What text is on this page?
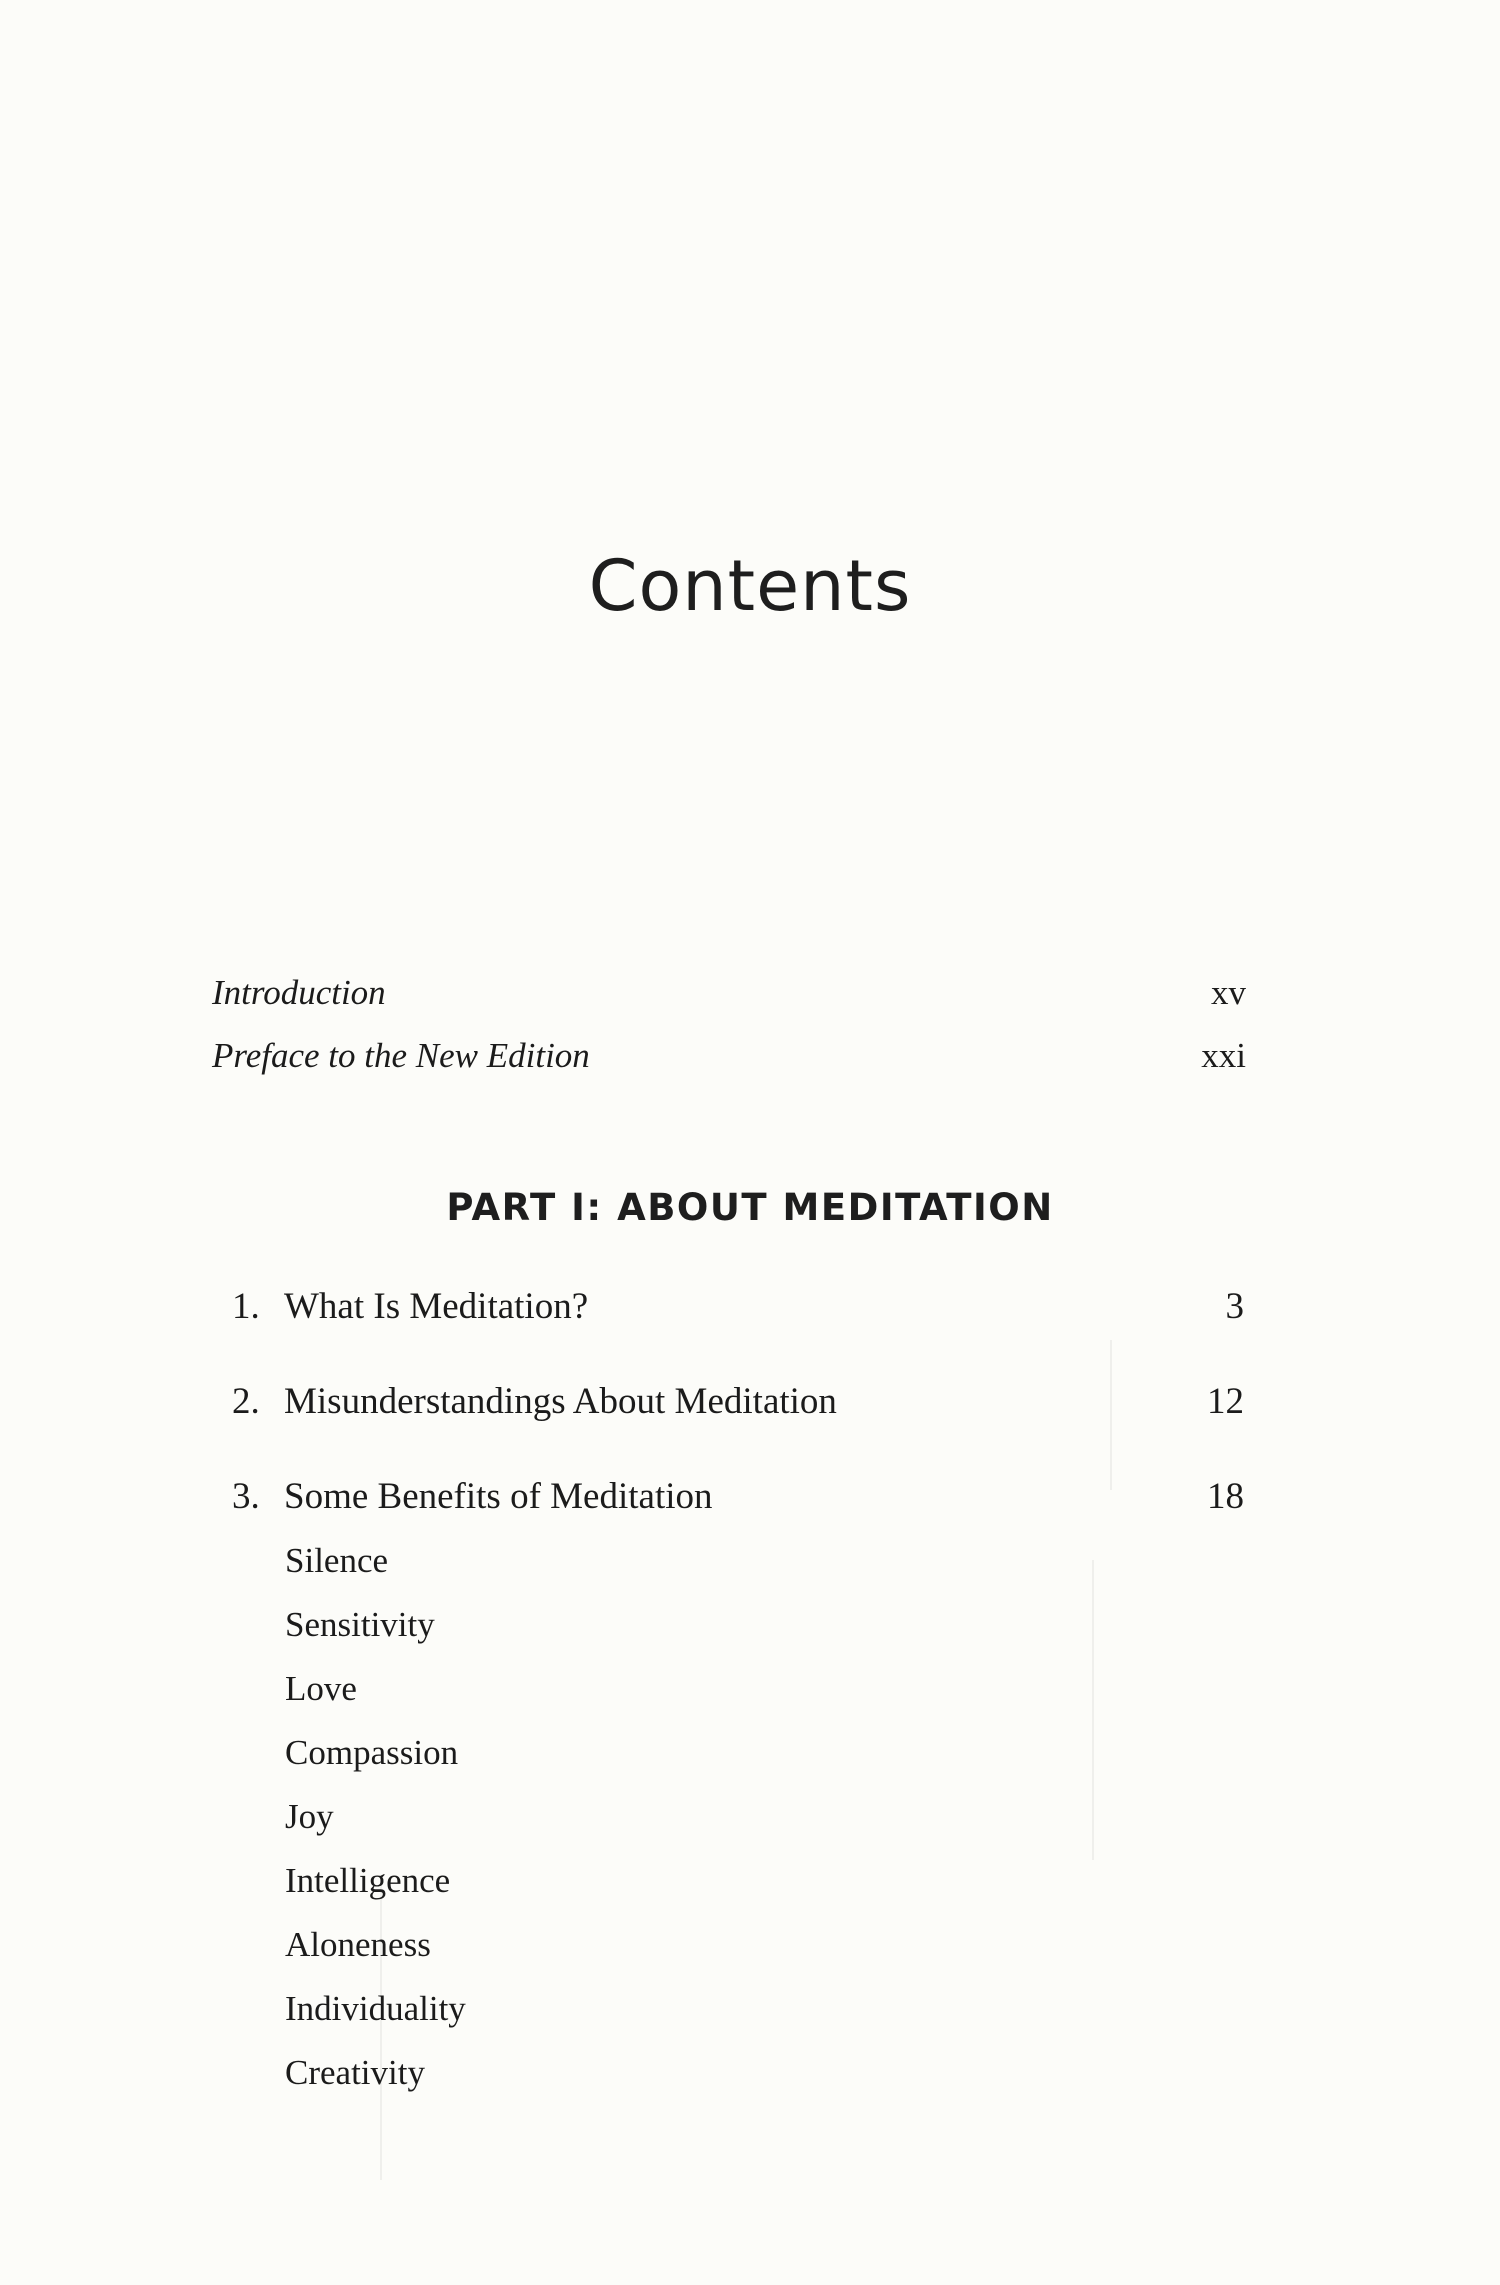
Contents
Introduction	xv
Preface to the New Edition	xxi
PART I: ABOUT MEDITATION
1. What Is Meditation?	3
2. Misunderstandings About Meditation	12
3. Some Benefits of Meditation	18
Silence
Sensitivity
Love
Compassion
Joy
Intelligence
Aloneness
Individuality
Creativity
